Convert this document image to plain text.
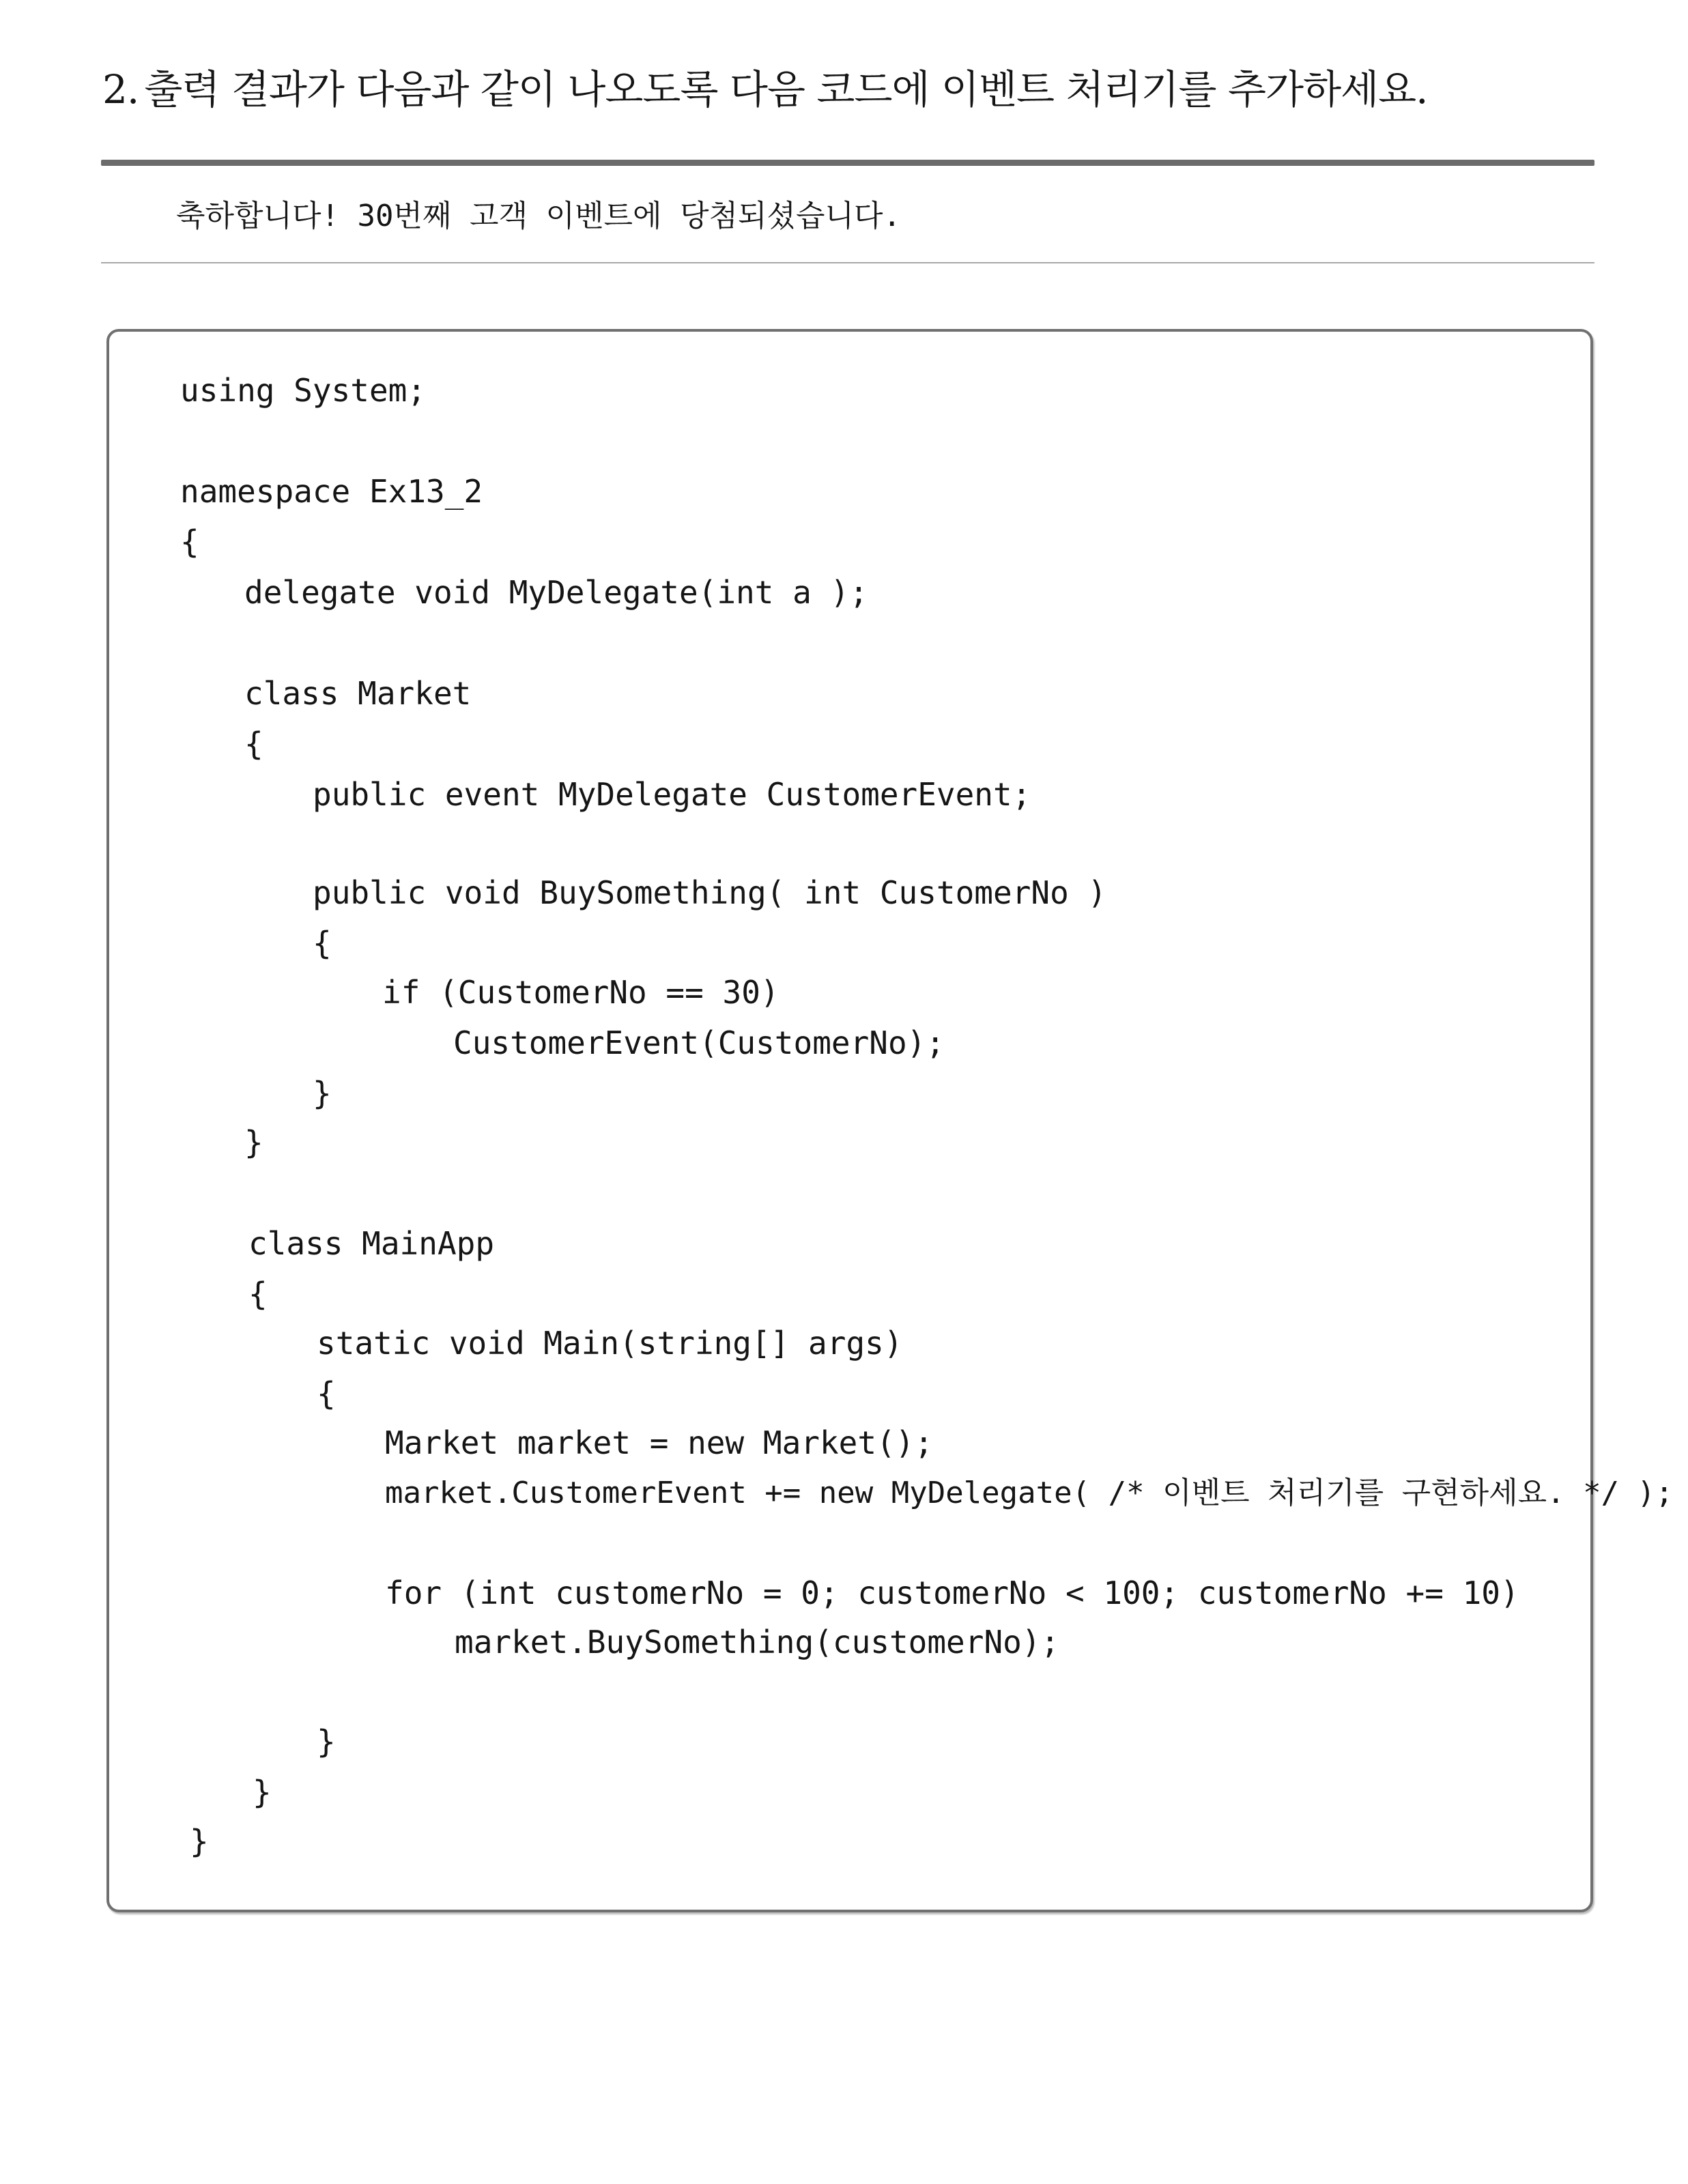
2. 출력 결과가 다음과 같이 나오도록 다음 코드에 이벤트 처리기를 추가하세요.
축하합니다! 30번째 고객 이벤트에 당첨되셨습니다.
using System;
namespace Ex13_2
{
delegate void MyDelegate(int a );
class Market
{
public event MyDelegate CustomerEvent;
public void BuySomething( int CustomerNo )
{
if (CustomerNo == 30)
CustomerEvent(CustomerNo);
}
}
class MainApp
{
static void Main(string[] args)
{
Market market = new Market();
market.CustomerEvent += new MyDelegate( /* 이벤트 처리기를 구현하세요. */ );
for (int customerNo = 0; customerNo < 100; customerNo += 10)
market.BuySomething(customerNo);
}
}
}
